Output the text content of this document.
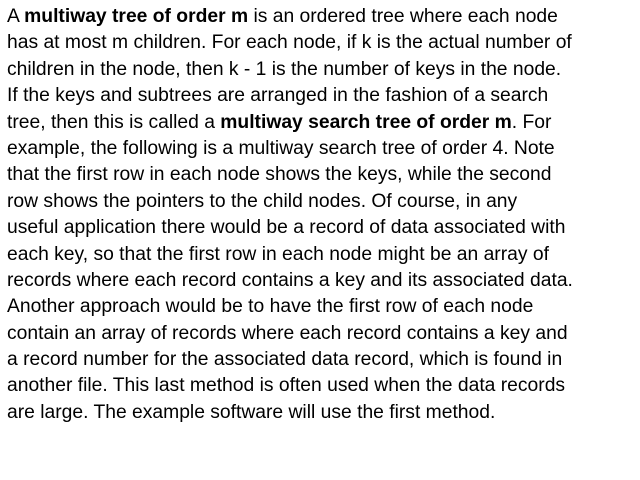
A multiway tree of order m is an ordered tree where each node
has at most m children. For each node, if k is the actual number of
children in the node, then k - 1 is the number of keys in the node.
If the keys and subtrees are arranged in the fashion of a search
tree, then this is called a multiway search tree of order m. For
example, the following is a multiway search tree of order 4. Note
that the first row in each node shows the keys, while the second
row shows the pointers to the child nodes. Of course, in any
useful application there would be a record of data associated with
each key, so that the first row in each node might be an array of
records where each record contains a key and its associated data.
Another approach would be to have the first row of each node
contain an array of records where each record contains a key and
a record number for the associated data record, which is found in
another file. This last method is often used when the data records
are large. The example software will use the first method.
